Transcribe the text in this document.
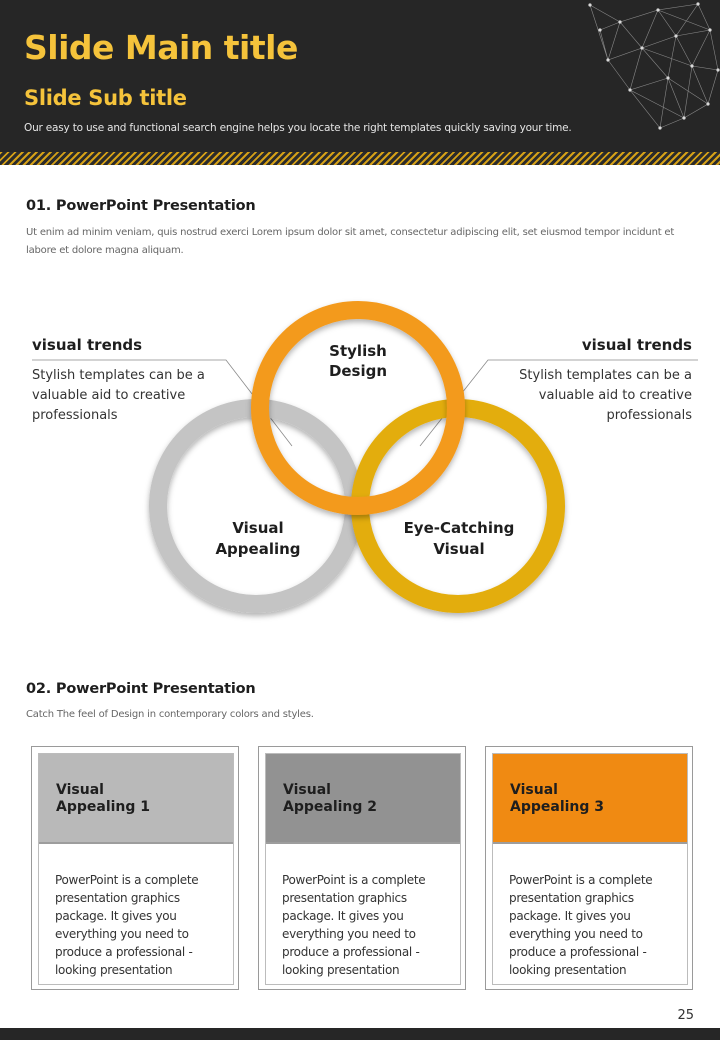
Slide Main title
Slide Sub title

Our easy to use and functional search engine helps you locate the right templates quickly saving your time.

01. PowerPoint Presentation

Ut enim ad minim veniam, quis nostrud exerci Lorem ipsum dolor sit amet, consectetur adipiscing elit, set eiusmod tempor incidunt et labore et dolore magna aliquam.

Stylish
Design
Visual
Appealing
Eye-Catching
Visual
visual trends

Stylish templates can be a valuable aid to creative professionals

visual trends

Stylish templates can be a valuable aid to creative professionals

02. PowerPoint Presentation

Catch The feel of Design in contemporary colors and styles.

Visual
Appealing 1

PowerPoint is a complete presentation graphics package. It gives you everything you need to produce a professional - looking presentation

Visual
Appealing 2

PowerPoint is a complete presentation graphics package. It gives you everything you need to produce a professional - looking presentation

Visual
Appealing 3

PowerPoint is a complete presentation graphics package. It gives you everything you need to produce a professional - looking presentation

25
